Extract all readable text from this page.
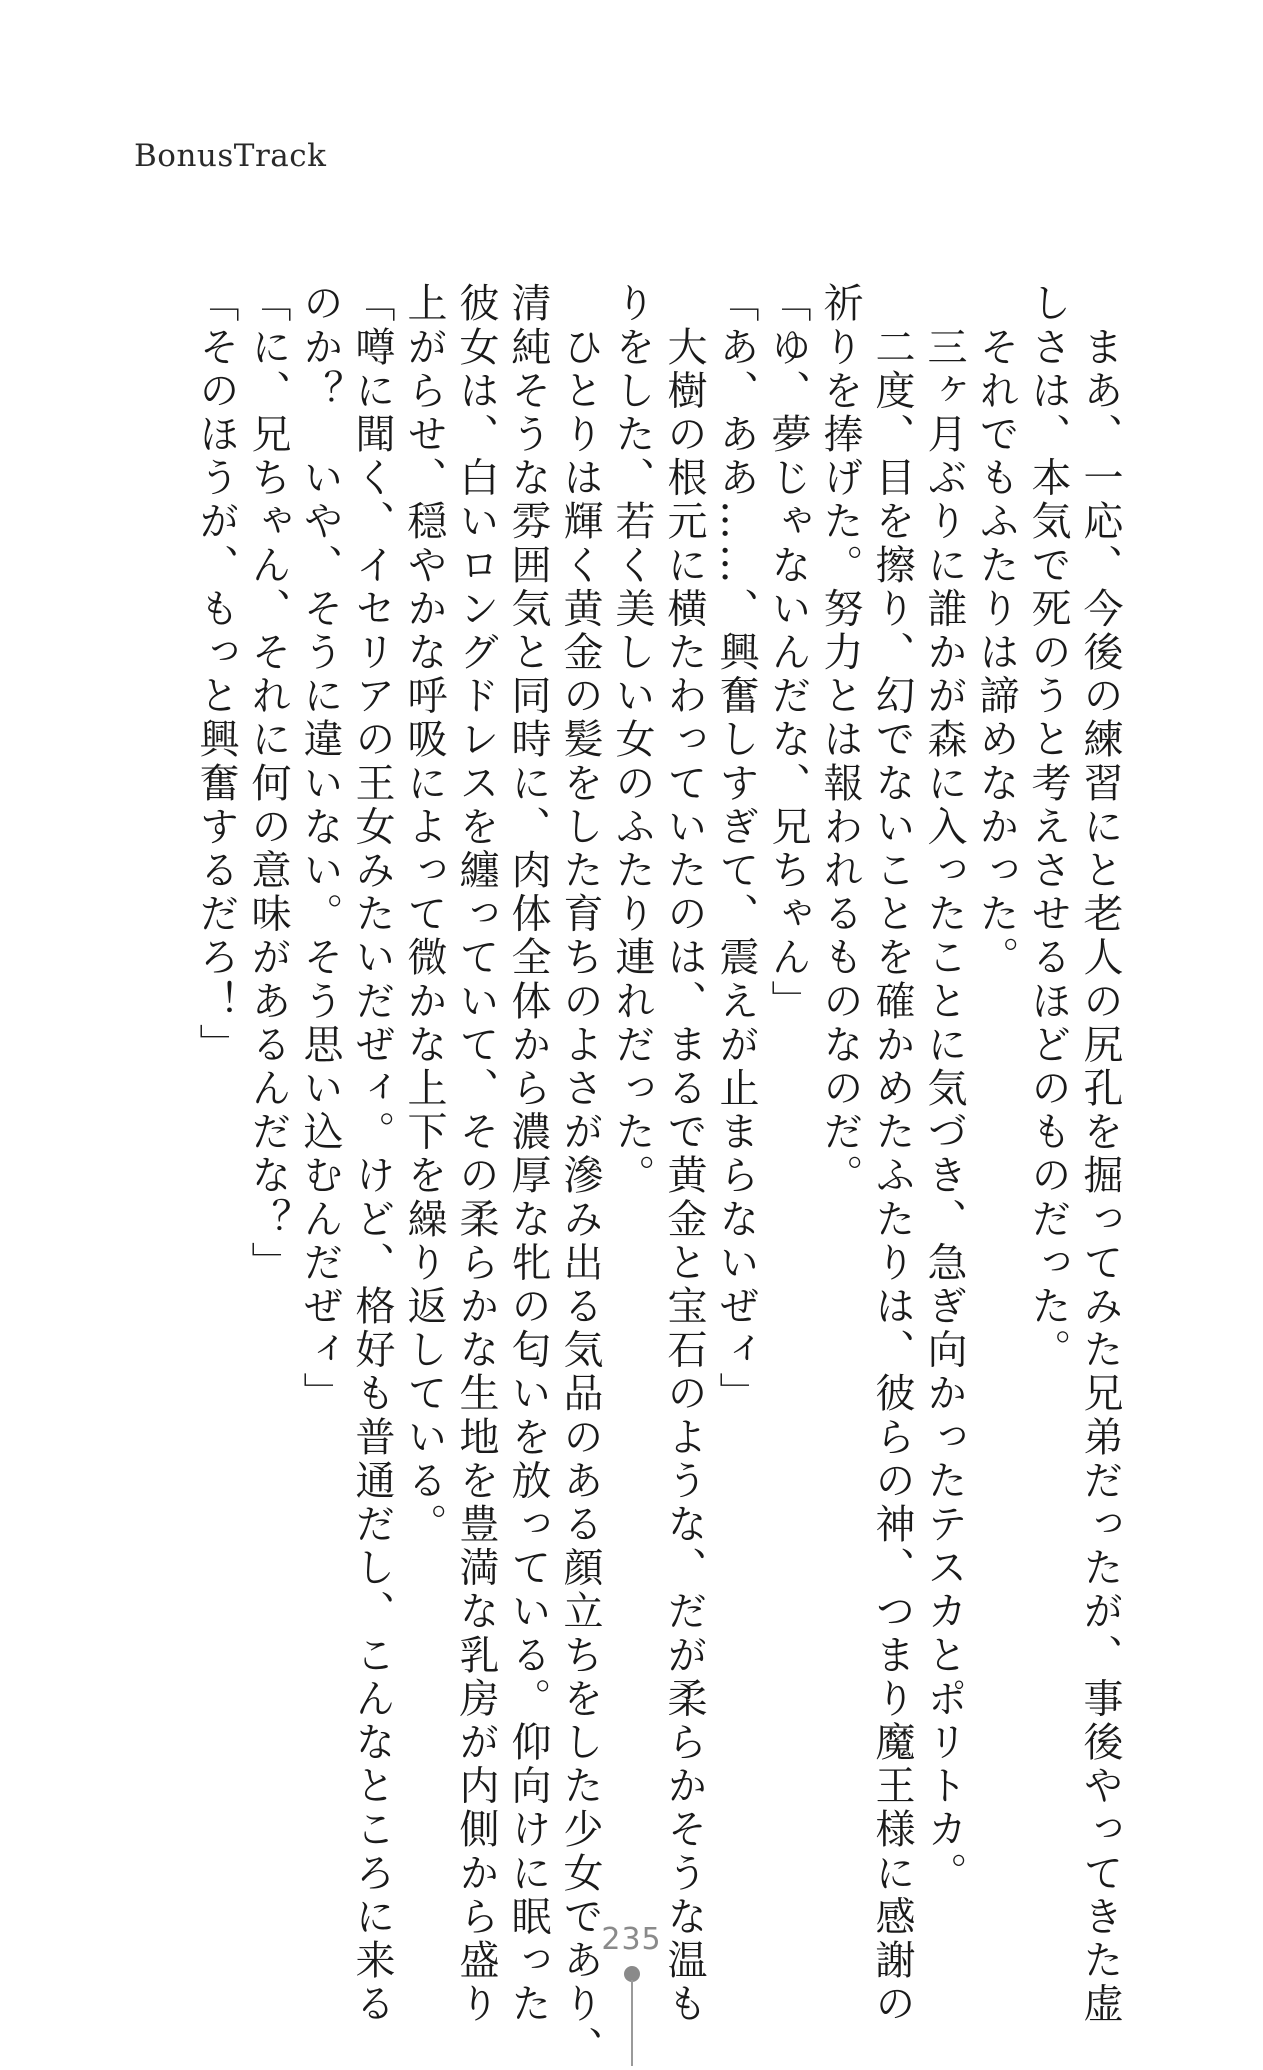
BonusTrack

　まあ、一応、今後の練習にと老人の尻孔を掘ってみた兄弟だったが、事後やってきた虚

しさは、本気で死のうと考えさせるほどのものだった。

　それでもふたりは諦めなかった。

　三ヶ月ぶりに誰かが森に入ったことに気づき、急ぎ向かったテスカとポリトカ。

　二度、目を擦り、幻でないことを確かめたふたりは、彼らの神、つまり魔王様に感謝の

祈りを捧げた。努力とは報われるものなのだ。

「ゆ、夢じゃないんだな、兄ちゃん」

「あ、ああ……、興奮しすぎて、震えが止まらないぜィ」

　大樹の根元に横たわっていたのは、まるで黄金と宝石のような、だが柔らかそうな温も

りをした、若く美しい女のふたり連れだった。

　ひとりは輝く黄金の髪をした育ちのよさが滲み出る気品のある顔立ちをした少女であり、

清純そうな雰囲気と同時に、肉体全体から濃厚な牝の匂いを放っている。仰向けに眠った

彼女は、白いロングドレスを纏っていて、その柔らかな生地を豊満な乳房が内側から盛り

上がらせ、穏やかな呼吸によって微かな上下を繰り返している。

「噂に聞く、イセリアの王女みたいだぜィ。けど、格好も普通だし、こんなところに来る

のか？　いや、そうに違いない。そう思い込むんだぜィ」

「に、兄ちゃん、それに何の意味があるんだな？」

「そのほうが、もっと興奮するだろ！」

235
